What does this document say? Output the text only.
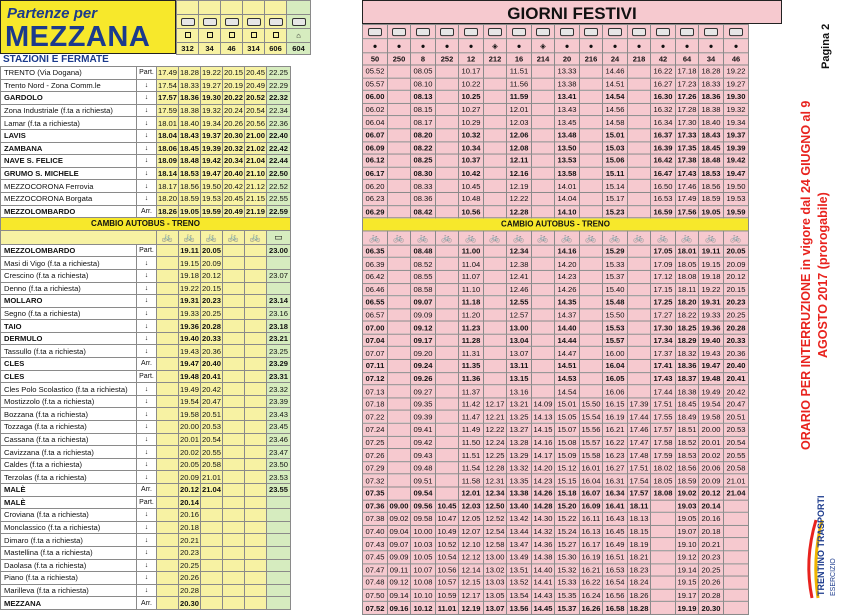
Partenze per
MEZZANA
STAZIONI E FERMATE
GIORNI FESTIVI

					⌂
312	34	46	314	606	604
TRENTO (Via Dogana)	Part.	17.49	18.28	19.22	20.15	20.45	22.25
Trento Nord - Zona Comm.le	↓	17.54	18.33	19.27	20.19	20.49	22.29
GARDOLO	↓	17.57	18.36	19.30	20.22	20.52	22.32
Zona Industriale (f.ta a richiesta)	↓	17.59	18.38	19.32	20.24	20.54	22.34
Lamar (f.ta a richiesta)	↓	18.01	18.40	19.34	20.26	20.56	22.36
LAVIS	↓	18.04	18.43	19.37	20.30	21.00	22.40
ZAMBANA	↓	18.06	18.45	19.39	20.32	21.02	22.42
NAVE S. FELICE	↓	18.09	18.48	19.42	20.34	21.04	22.44
GRUMO S. MICHELE	↓	18.14	18.53	19.47	20.40	21.10	22.50
MEZZOCORONA Ferrovia	↓	18.17	18.56	19.50	20.42	21.12	22.52
MEZZOCORONA Borgata	↓	18.20	18.59	19.53	20.45	21.15	22.55
MEZZOLOMBARDO	Arr.	18.26	19.05	19.59	20.49	21.19	22.59
CAMBIO AUTOBUS - TRENO							
		🚲	🚲	🚲	🚲	🚲	▭
MEZZOLOMBARDO	Part.		19.11	20.05			23.00
Masi di Vigo (f.ta a richiesta)	↓		19.15	20.09			
Crescino (f.ta a richiesta)	↓		19.18	20.12			23.07
Denno (f.ta a richiesta)	↓		19.22	20.15			
MOLLARO	↓		19.31	20.23			23.14
Segno (f.ta a richiesta)	↓		19.33	20.25			23.16
TAIO	↓		19.36	20.28			23.18
DERMULO	↓		19.40	20.33			23.21
Tassullo (f.ta a richiesta)	↓		19.43	20.36			23.25
CLES	Arr.		19.47	20.40			23.29
CLES	Part.		19.48	20.41			23.31
Cles Polo Scolastico (f.ta a richiesta)	↓		19.49	20.42			23.32
Mostizzolo (f.ta a richiesta)	↓		19.54	20.47			23.39
Bozzana (f.ta a richiesta)	↓		19.58	20.51			23.43
Tozzaga (f.ta a richiesta)	↓		20.00	20.53			23.45
Cassana (f.ta a richiesta)	↓		20.01	20.54			23.46
Cavizzana (f.ta a richiesta)	↓		20.02	20.55			23.47
Caldes (f.ta a richiesta)	↓		20.05	20.58			23.50
Terzolas (f.ta a richiesta)	↓		20.09	21.01			23.53
MALÈ	Arr.		20.12	21.04			23.55
MALÈ	Part.		20.14				
Croviana (f.ta a richiesta)	↓		20.16				
Monclassico (f.ta a richiesta)	↓		20.18				
Dimaro (f.ta a richiesta)	↓		20.21				
Mastellina (f.ta a richiesta)	↓		20.23				
Daolasa (f.ta a richiesta)	↓		20.25				
Piano (f.ta a richiesta)	↓		20.26				
Marilleva (f.ta a richiesta)	↓		20.28				
MEZZANA	Arr.		20.30				

●	●	●	●	●	◈	●	◈	●	●	●	●	●	●	●	●
50	250	8	252	12	212	16	214	20	216	24	218	42	64	34	46
05.52		08.05		10.17		11.51		13.33		14.46		16.22	17.18	18.28	19.22
05.57		08.10		10.22		11.56		13.38		14.51		16.27	17.23	18.33	19.27
06.00		08.13		10.25		11.59		13.41		14.54		16.30	17.26	18.36	19.30
06.02		08.15		10.27		12.01		13.43		14.56		16.32	17.28	18.38	19.32
06.04		08.17		10.29		12.03		13.45		14.58		16.34	17.30	18.40	19.34
06.07		08.20		10.32		12.06		13.48		15.01		16.37	17.33	18.43	19.37
06.09		08.22		10.34		12.08		13.50		15.03		16.39	17.35	18.45	19.39
06.12		08.25		10.37		12.11		13.53		15.06		16.42	17.38	18.48	19.42
06.17		08.30		10.42		12.16		13.58		15.11		16.47	17.43	18.53	19.47
06.20		08.33		10.45		12.19		14.01		15.14		16.50	17.46	18.56	19.50
06.23		08.36		10.48		12.22		14.04		15.17		16.53	17.49	18.59	19.53
06.29		08.42		10.56		12.28		14.10		15.23		16.59	17.56	19.05	19.59
CAMBIO AUTOBUS - TRENO															
🚲	🚲	🚲	🚲	🚲	🚲	🚲	🚲	🚲	🚲	🚲	🚲	🚲	🚲	🚲	🚲
06.35		08.48		11.00		12.34		14.16		15.29		17.05	18.01	19.11	20.05
06.39		08.52		11.04		12.38		14.20		15.33		17.09	18.05	19.15	20.09
06.42		08.55		11.07		12.41		14.23		15.37		17.12	18.08	19.18	20.12
06.46		08.58		11.10		12.46		14.26		15.40		17.15	18.11	19.22	20.15
06.55		09.07		11.18		12.55		14.35		15.48		17.25	18.20	19.31	20.23
06.57		09.09		11.20		12.57		14.37		15.50		17.27	18.22	19.33	20.25
07.00		09.12		11.23		13.00		14.40		15.53		17.30	18.25	19.36	20.28
07.04		09.17		11.28		13.04		14.44		15.57		17.34	18.29	19.40	20.33
07.07		09.20		11.31		13.07		14.47		16.00		17.37	18.32	19.43	20.36
07.11		09.24		11.35		13.11		14.51		16.04		17.41	18.36	19.47	20.40
07.12		09.26		11.36		13.15		14.53		16.05		17.43	18.37	19.48	20.41
07.13		09.27		11.37		13.16		14.54		16.06		17.44	18.38	19.49	20.42
07.18		09.35		11.42	12.17	13.21	14.09	15.01	15.50	16.15	17.39	17.51	18.45	19.54	20.47
07.22		09.39		11.47	12.21	13.25	14.13	15.05	15.54	16.19	17.44	17.55	18.49	19.58	20.51
07.24		09.41		11.49	12.22	13.27	14.15	15.07	15.56	16.21	17.46	17.57	18.51	20.00	20.53
07.25		09.42		11.50	12.24	13.28	14.16	15.08	15.57	16.22	17.47	17.58	18.52	20.01	20.54
07.26		09.43		11.51	12.25	13.29	14.17	15.09	15.58	16.23	17.48	17.59	18.53	20.02	20.55
07.29		09.48		11.54	12.28	13.32	14.20	15.12	16.01	16.27	17.51	18.02	18.56	20.06	20.58
07.32		09.51		11.58	12.31	13.35	14.23	15.15	16.04	16.31	17.54	18.05	18.59	20.09	21.01
07.35		09.54		12.01	12.34	13.38	14.26	15.18	16.07	16.34	17.57	18.08	19.02	20.12	21.04
07.36	09.00	09.56	10.45	12.03	12.50	13.40	14.28	15.20	16.09	16.41	18.11		19.03	20.14	
07.38	09.02	09.58	10.47	12.05	12.52	13.42	14.30	15.22	16.11	16.43	18.13		19.05	20.16	
07.40	09.04	10.00	10.49	12.07	12.54	13.44	14.32	15.24	16.13	16.45	18.15		19.07	20.18	
07.43	09.07	10.03	10.52	12.10	12.58	13.47	14.36	15.27	16.17	16.49	18.19		19.10	20.21	
07.45	09.09	10.05	10.54	12.12	13.00	13.49	14.38	15.30	16.19	16.51	18.21		19.12	20.23	
07.47	09.11	10.07	10.56	12.14	13.02	13.51	14.40	15.32	16.21	16.53	18.23		19.14	20.25	
07.48	09.12	10.08	10.57	12.15	13.03	13.52	14.41	15.33	16.22	16.54	18.24		19.15	20.26	
07.50	09.14	10.10	10.59	12.17	13.05	13.54	14.43	15.35	16.24	16.56	18.26		19.17	20.28	
07.52	09.16	10.12	11.01	12.19	13.07	13.56	14.45	15.37	16.26	16.58	18.28		19.19	20.30	
Pagina 2
ORARIO PER INTERRUZIONE in vigore dal 24 GIUGNO al 9 AGOSTO 2017 (prorogabile)
TRENTINO TRASPORTI ESERCIZIO
